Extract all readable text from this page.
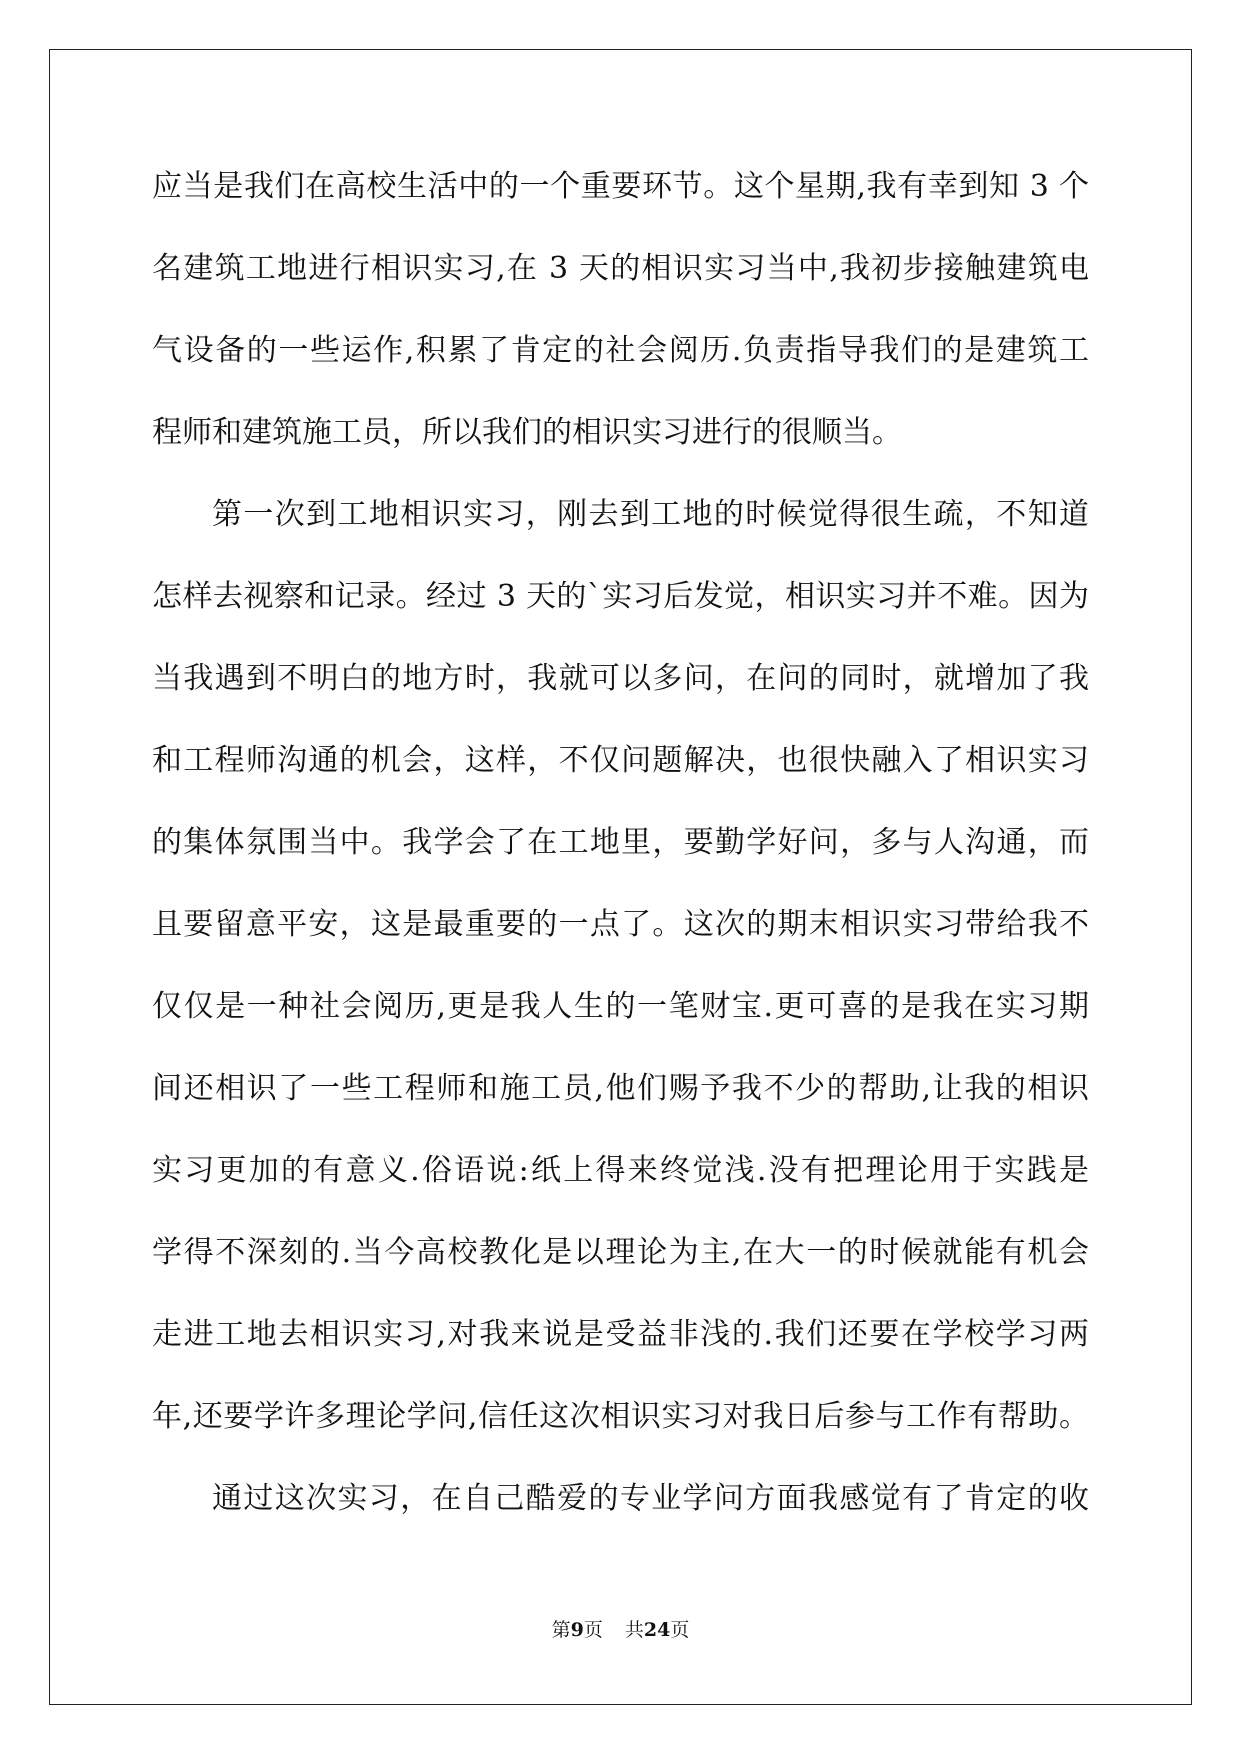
应当是我们在高校生活中的一个重要环节。这个星期,我有幸到知 3 个
名建筑工地进行相识实习,在 3 天的相识实习当中,我初步接触建筑电
气设备的一些运作,积累了肯定的社会阅历.负责指导我们的是建筑工
程师和建筑施工员，所以我们的相识实习进行的很顺当。
第一次到工地相识实习，刚去到工地的时候觉得很生疏，不知道
怎样去视察和记录。经过 3 天的`实习后发觉，相识实习并不难。因为
当我遇到不明白的地方时，我就可以多问，在问的同时，就增加了我
和工程师沟通的机会，这样，不仅问题解决，也很快融入了相识实习
的集体氛围当中。我学会了在工地里，要勤学好问，多与人沟通，而
且要留意平安，这是最重要的一点了。这次的期末相识实习带给我不
仅仅是一种社会阅历,更是我人生的一笔财宝.更可喜的是我在实习期
间还相识了一些工程师和施工员,他们赐予我不少的帮助,让我的相识
实习更加的有意义.俗语说:纸上得来终觉浅.没有把理论用于实践是
学得不深刻的.当今高校教化是以理论为主,在大一的时候就能有机会
走进工地去相识实习,对我来说是受益非浅的.我们还要在学校学习两
年,还要学许多理论学问,信任这次相识实习对我日后参与工作有帮助。
通过这次实习，在自己酷爱的专业学问方面我感觉有了肯定的收
第9页 共24页
